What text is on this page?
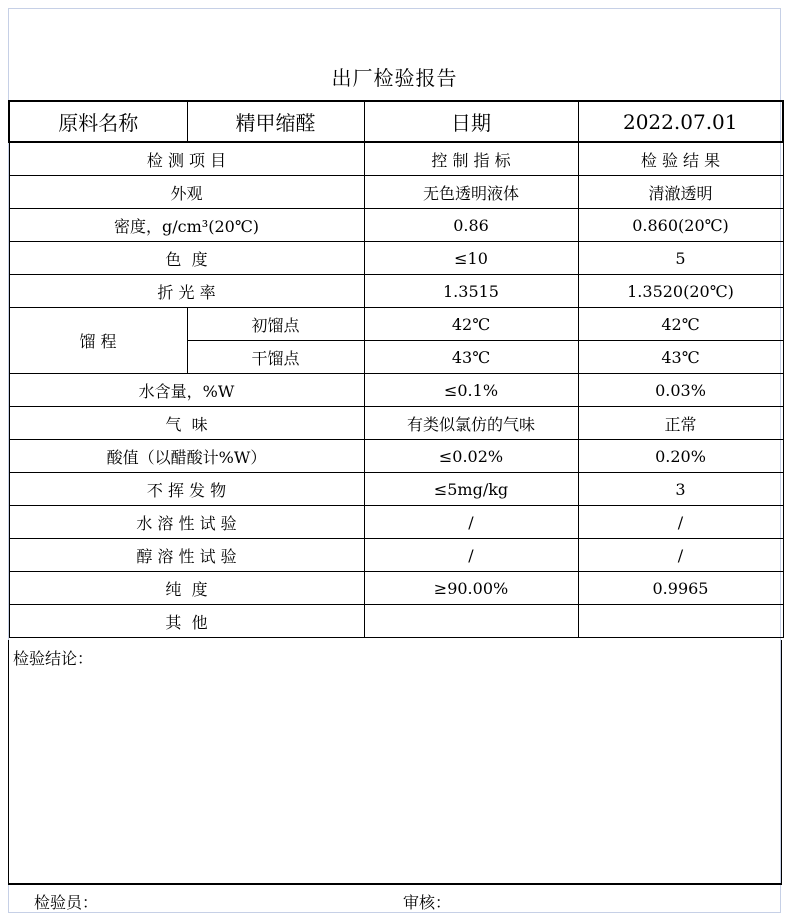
出厂检验报告
原料名称	精甲缩醛	日期	2022.07.01
检 测 项 目		控 制 指 标	检 验 结 果
外观		无色透明液体	清澈透明
密度，g/cm³(20℃)		0.86	0.860(20℃)
色  度		≤10	5
折 光 率		1.3515	1.3520(20℃)
馏 程	初馏点	42℃	42℃
	干馏点	43℃	43℃
水含量，%W		≤0.1%	0.03%
气  味		有类似氯仿的气味	正常
酸值（以醋酸计%W）		≤0.02%	0.20%
不 挥 发 物		≤5mg/kg	3
水 溶 性 试 验		/	/
醇 溶 性 试 验		/	/
纯  度		≥90.00%	0.9965
其  他			
检验结论：
检验员：	审核：
